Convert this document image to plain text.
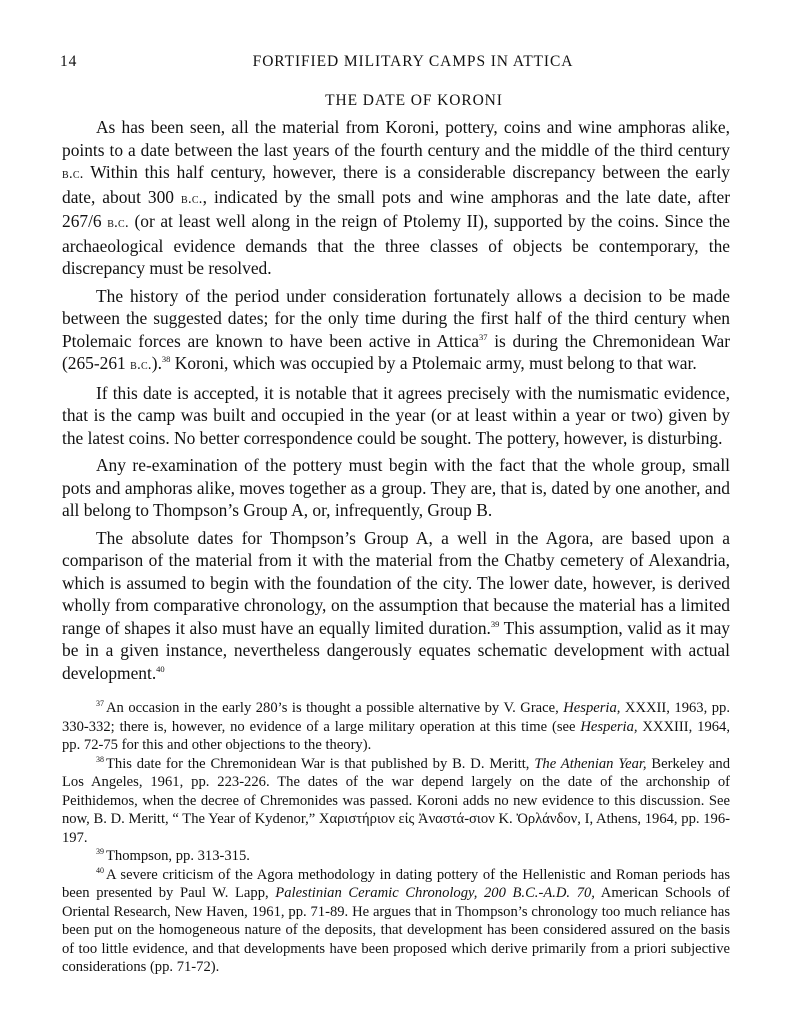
14	FORTIFIED MILITARY CAMPS IN ATTICA
THE DATE OF KORONI

As has been seen, all the material from Koroni, pottery, coins and wine amphoras alike, points to a date between the last years of the fourth century and the middle of the third century b.c. Within this half century, however, there is a considerable discrepancy between the early date, about 300 b.c., indicated by the small pots and wine amphoras and the late date, after 267/6 b.c. (or at least well along in the reign of Ptolemy II), supported by the coins. Since the archaeological evidence demands that the three classes of objects be contemporary, the discrepancy must be resolved.

The history of the period under consideration fortunately allows a decision to be made between the suggested dates; for the only time during the first half of the third century when Ptolemaic forces are known to have been active in Attica$^{37}$ is during the Chremonidean War (265-261 b.c.).$^{38}$ Koroni, which was occupied by a Ptolemaic army, must belong to that war.

If this date is accepted, it is notable that it agrees precisely with the numismatic evidence, that is the camp was built and occupied in the year (or at least within a year or two) given by the latest coins. No better correspondence could be sought. The pottery, however, is disturbing.

Any re-examination of the pottery must begin with the fact that the whole group, small pots and amphoras alike, moves together as a group. They are, that is, dated by one another, and all belong to Thompson’s Group A, or, infrequently, Group B.

The absolute dates for Thompson’s Group A, a well in the Agora, are based upon a comparison of the material from it with the material from the Chatby cemetery of Alexandria, which is assumed to begin with the foundation of the city. The lower date, however, is derived wholly from comparative chronology, on the assumption that because the material has a limited range of shapes it also must have an equally limited duration.$^{39}$ This assumption, valid as it may be in a given instance, nevertheless dangerously equates schematic development with actual development.$^{40}$

$^{37}$ An occasion in the early 280’s is thought a possible alternative by V. Grace, Hesperia, XXXII, 1963, pp. 330-332; there is, however, no evidence of a large military operation at this time (see Hesperia, XXXIII, 1964, pp. 72-75 for this and other objections to the theory).

$^{38}$ This date for the Chremonidean War is that published by B. D. Meritt, The Athenian Year, Berkeley and Los Angeles, 1961, pp. 223-226. The dates of the war depend largely on the date of the archonship of Peithidemos, when the decree of Chremonides was passed. Koroni adds no new evidence to this discussion. See now, B. D. Meritt, “ The Year of Kydenor,” Χαριστήριον εἰς Ἀναστά-σιον Κ. Ὀρλάνδον, I, Athens, 1964, pp. 196-197.

$^{39}$ Thompson, pp. 313-315.

$^{40}$ A severe criticism of the Agora methodology in dating pottery of the Hellenistic and Roman periods has been presented by Paul W. Lapp, Palestinian Ceramic Chronology, 200 B.C.-A.D. 70, American Schools of Oriental Research, New Haven, 1961, pp. 71-89. He argues that in Thompson’s chronology too much reliance has been put on the homogeneous nature of the deposits, that development has been considered assured on the basis of too little evidence, and that developments have been proposed which derive primarily from a priori subjective considerations (pp. 71-72).
